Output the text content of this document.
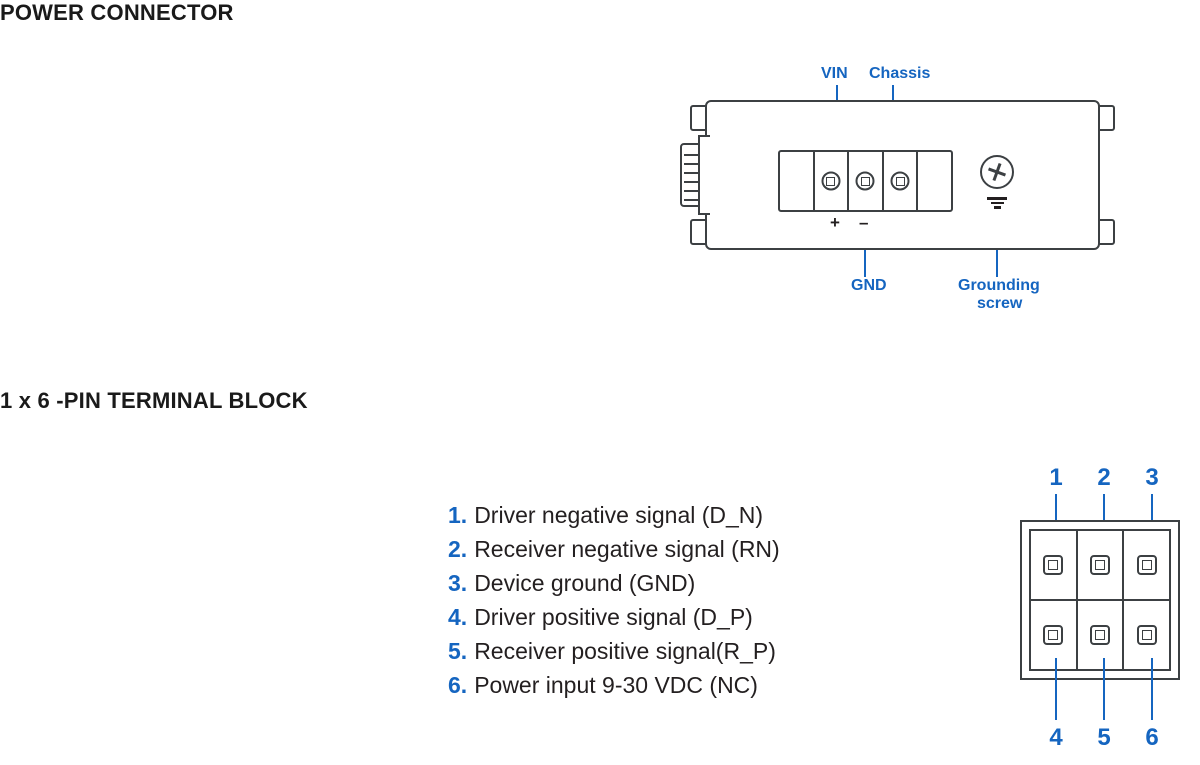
POWER CONNECTOR
1 x 6 -PIN TERMINAL BLOCK
VIN Chassis
GND	Grounding
screw
+ –
1. Driver negative signal (D_N)
2. Receiver negative signal (RN)
3. Device ground (GND)
4. Driver positive signal (D_P)
5. Receiver positive signal(R_P)
6. Power input 9-30 VDC (NC)
1 2 3
4 5 6
